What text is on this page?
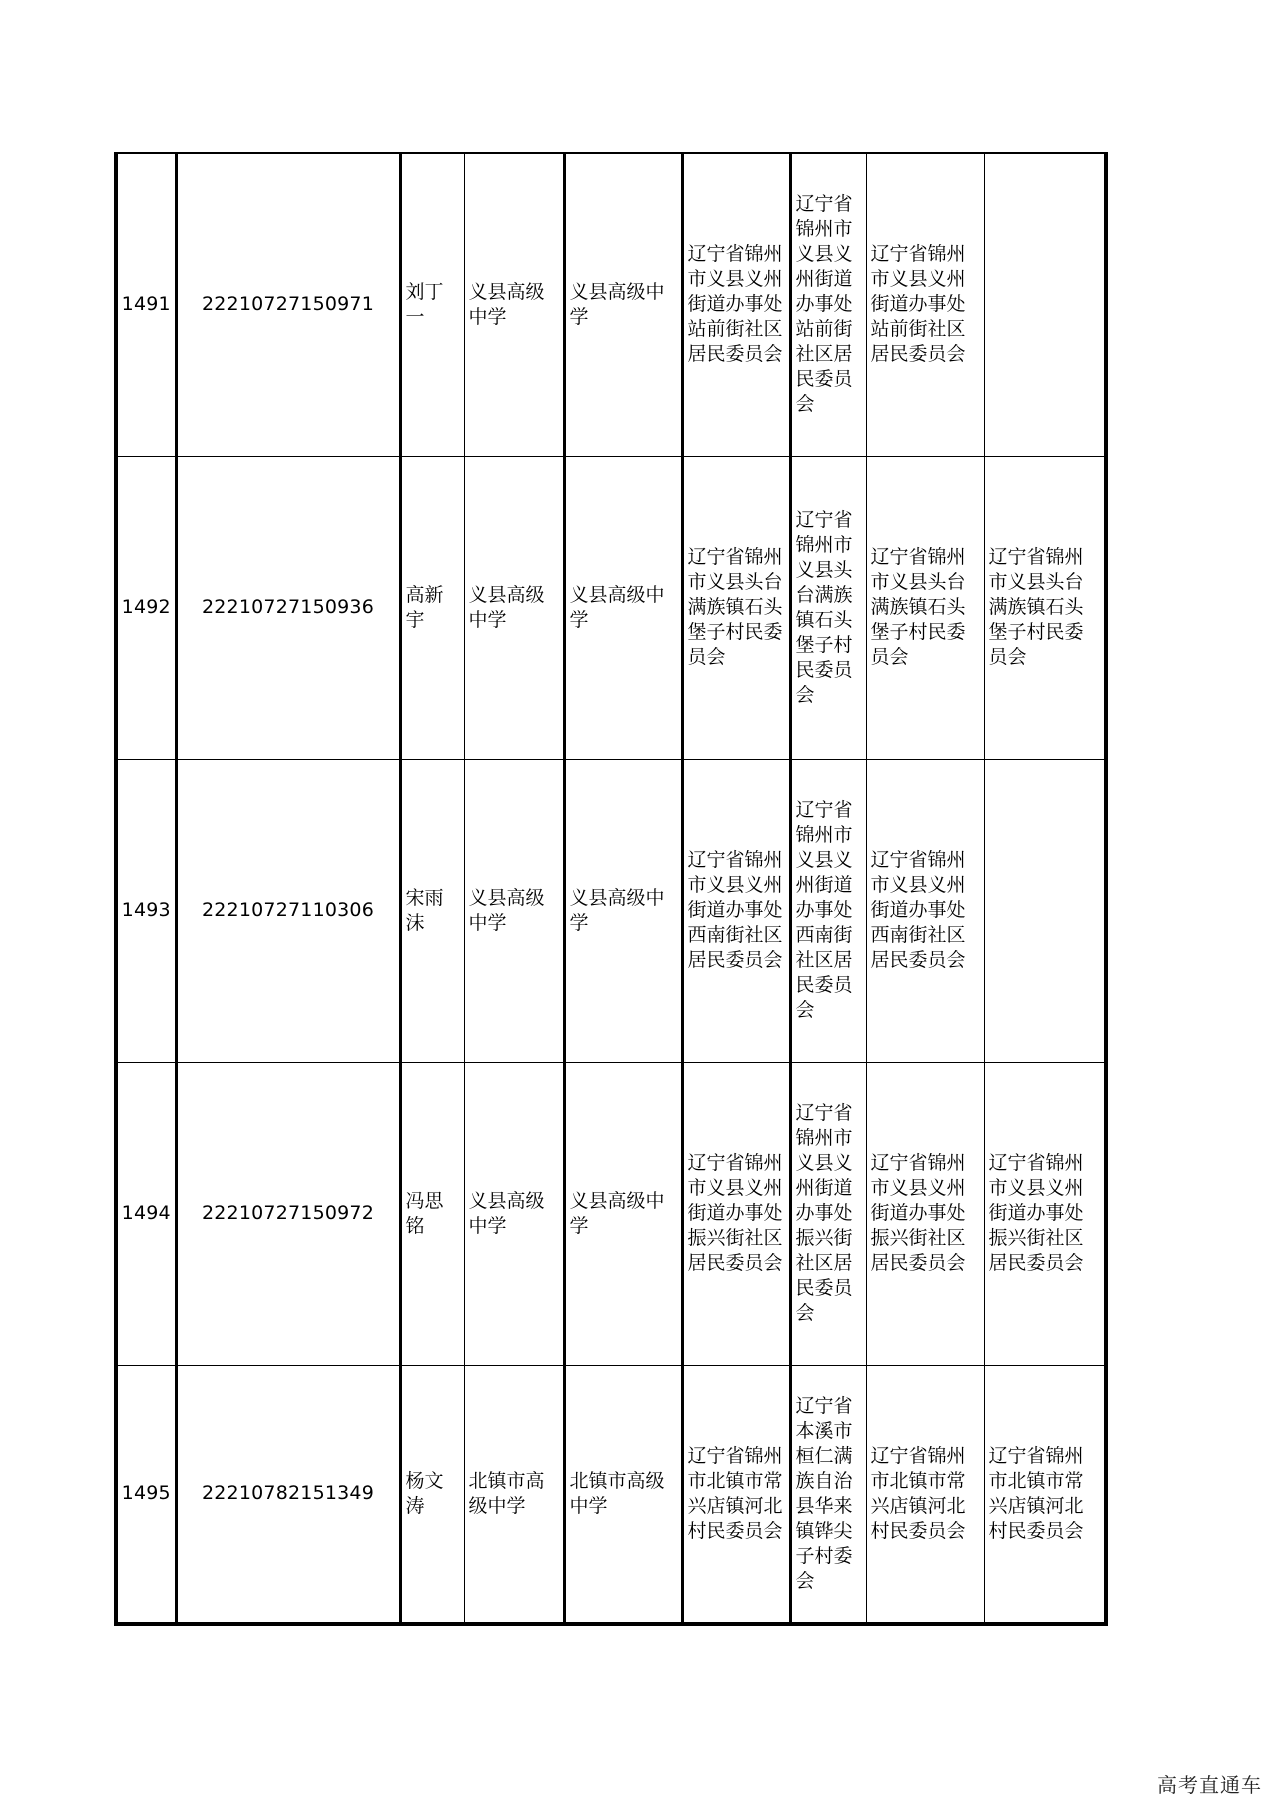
1491	22210727150971	刘丁一	义县高级中学	义县高级中学	辽宁省锦州市义县义州街道办事处站前街社区居民委员会	辽宁省锦州市义县义州街道办事处站前街社区居民委员会	辽宁省锦州市义县义州街道办事处站前街社区居民委员会	
1492	22210727150936	高新宇	义县高级中学	义县高级中学	辽宁省锦州市义县头台满族镇石头堡子村民委员会	辽宁省锦州市义县头台满族镇石头堡子村民委员会	辽宁省锦州市义县头台满族镇石头堡子村民委员会	辽宁省锦州市义县头台满族镇石头堡子村民委员会
1493	22210727110306	宋雨沫	义县高级中学	义县高级中学	辽宁省锦州市义县义州街道办事处西南街社区居民委员会	辽宁省锦州市义县义州街道办事处西南街社区居民委员会	辽宁省锦州市义县义州街道办事处西南街社区居民委员会	
1494	22210727150972	冯思铭	义县高级中学	义县高级中学	辽宁省锦州市义县义州街道办事处振兴街社区居民委员会	辽宁省锦州市义县义州街道办事处振兴街社区居民委员会	辽宁省锦州市义县义州街道办事处振兴街社区居民委员会	辽宁省锦州市义县义州街道办事处振兴街社区居民委员会
1495	22210782151349	杨文涛	北镇市高级中学	北镇市高级中学	辽宁省锦州市北镇市常兴店镇河北村民委员会	辽宁省本溪市桓仁满族自治县华来镇铧尖子村委会	辽宁省锦州市北镇市常兴店镇河北村民委员会	辽宁省锦州市北镇市常兴店镇河北村民委员会
高考直通车
